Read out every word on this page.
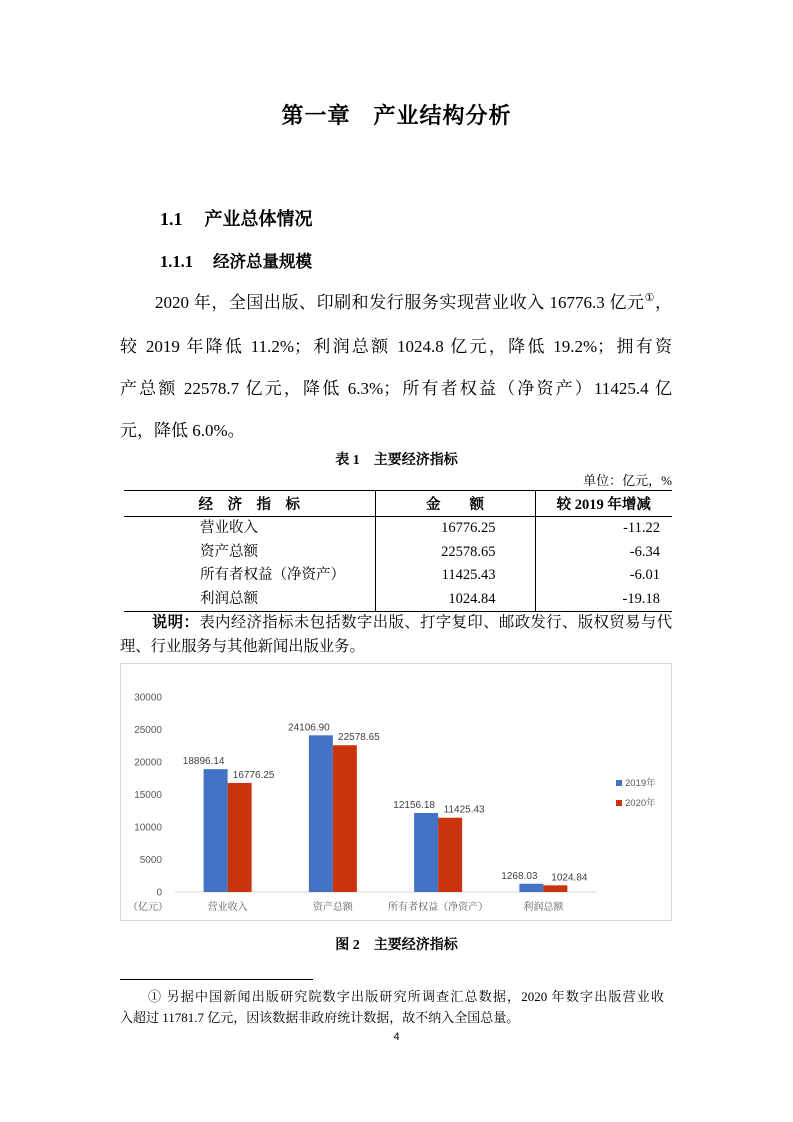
第一章　产业结构分析
1.1 产业总体情况
1.1.1 经济总量规模
2020 年，全国出版、印刷和发行服务实现营业收入 16776.3 亿元①，
较 2019 年降低 11.2%；利润总额 1024.8 亿元，降低 19.2%；拥有资
产总额 22578.7 亿元，降低 6.3%；所有者权益（净资产）11425.4 亿
元，降低 6.0%。
表 1　主要经济指标
单位：亿元，%
经　济　指　标	金　　额	较 2019 年增减
营业收入	16776.25	-11.22
资产总额	22578.65	-6.34
所有者权益（净资产）	11425.43	-6.01
利润总额	1024.84	-19.18
说明：表内经济指标未包括数字出版、打字复印、邮政发行、版权贸易与代
理、行业服务与其他新闻出版业务。
0
5000
10000
15000
20000
25000
30000
（亿元）	营业收入
18896.14
16776.25
资产总额
24106.90
22578.65
所有者权益（净资产）
12156.18 11425.43
利润总额
1268.03 1024.84
2019年
2020年
图 2　主要经济指标
① 另据中国新闻出版研究院数字出版研究所调查汇总数据，2020 年数字出版营业收
入超过 11781.7 亿元，因该数据非政府统计数据，故不纳入全国总量。
4
